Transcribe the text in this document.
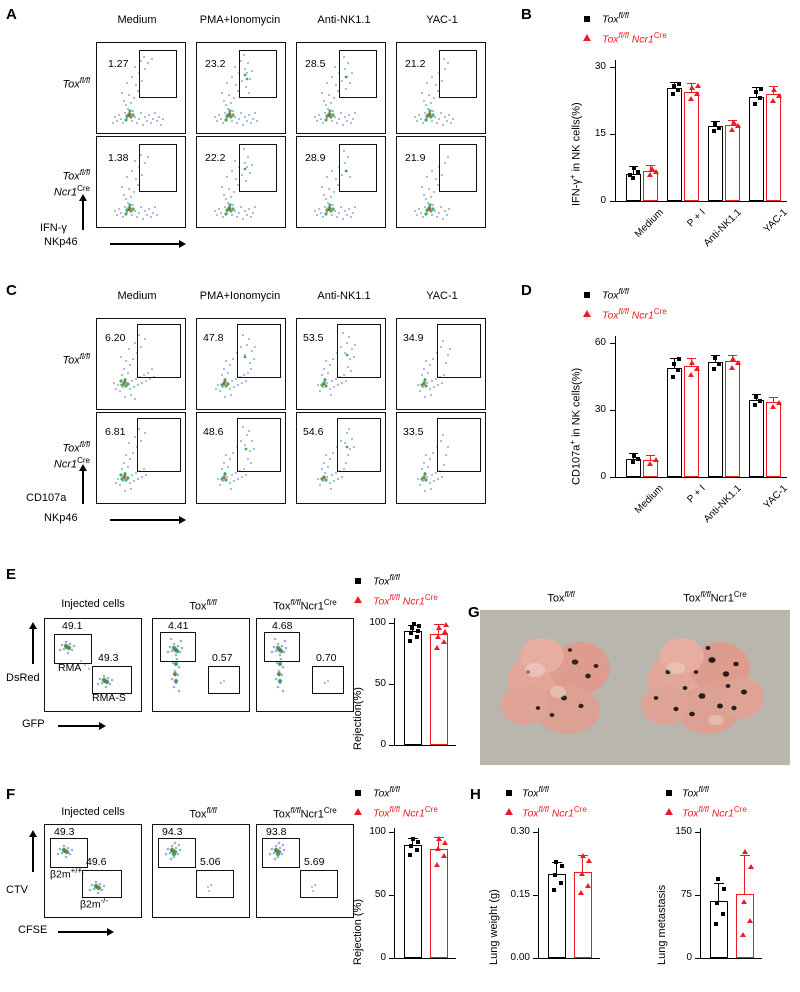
A	Medium	PMA+Ionomycin	Anti-NK1.1	YAC-1
Tox$^{fl/fl}$
Tox$^{fl/fl}$
$Ncr1^{Cre}$
1.27	23.2	28.5	21.2
1.38	22.2	28.9	21.9
IFN-γ
NKp46
B	Tox$^{fl/fl}$
Tox$^{fl/fl}$ $Ncr1^{Cre}$
0
15
30
IFN-γ+ in NK cells(%)
Medium	P + I
Anti-NK1.1	YAC-1
C	Medium	PMA+Ionomycin	Anti-NK1.1	YAC-1
Tox$^{fl/fl}$
Tox$^{fl/fl}$
$Ncr1^{Cre}$
6.20	47.8	53.5	34.9
6.81	48.6	54.6	33.5
CD107a
NKp46
D	Tox$^{fl/fl}$
Tox$^{fl/fl}$ $Ncr1^{Cre}$
0
30
60
CD107a+ in NK cells(%)
Medium	P + I
Anti-NK1.1	YAC-1
E
Injected cells	Tox$^{fl/fl}$	$Tox^{fl/fl}Ncr1^{Cre}$
49.1
49.3
RMA
RMA-S
4.41
0.57
4.68
0.70
DsRed
GFP
Tox$^{fl/fl}$
Tox$^{fl/fl}$ $Ncr1^{Cre}$
0
50
100
Rejection(%)
G
Tox$^{fl/fl}$	$Tox^{fl/fl}Ncr1^{Cre}$
F
Injected cells	Tox$^{fl/fl}$	$Tox^{fl/fl}Ncr1^{Cre}$
49.3
49.6
β2m+/+
β2m-/-
94.3
5.06
93.8
5.69
CTV
CFSE
Tox$^{fl/fl}$
Tox$^{fl/fl}$ $Ncr1^{Cre}$
0
50
100
Rejection (%)
H	Tox$^{fl/fl}$
Tox$^{fl/fl}$ $Ncr1^{Cre}$
0.00
0.15
0.30
Lung weight (g)
Tox$^{fl/fl}$
Tox$^{fl/fl}$ $Ncr1^{Cre}$
0
75
150
Lung metastasis
